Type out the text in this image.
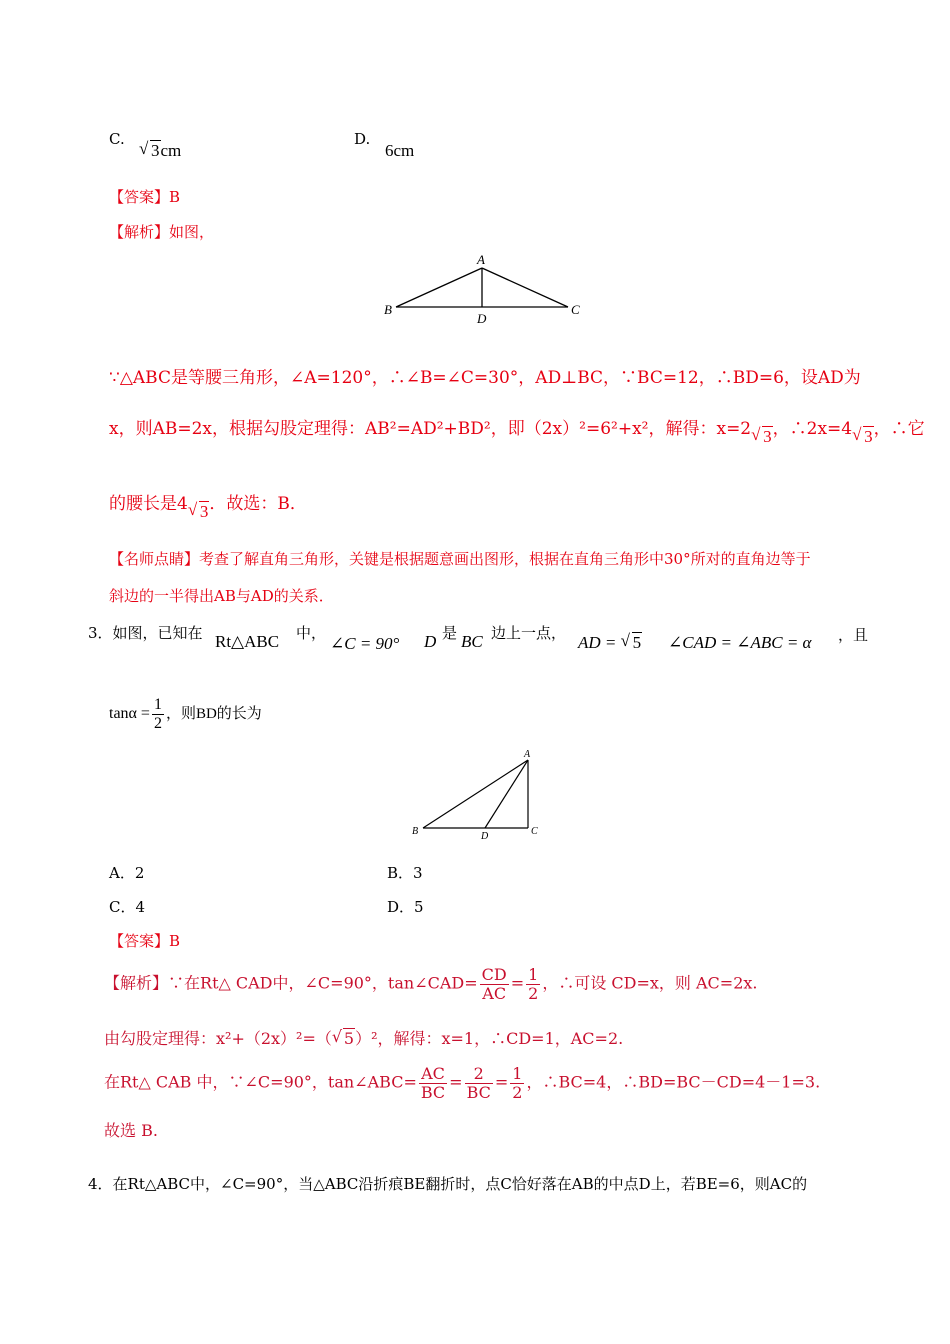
C.
√ 3cm
D.
6cm
【答案】B
【解析】如图，
A
B	C
D
∵△ABC是等腰三角形，∠A=120°，∴∠B=∠C=30°，AD⊥BC，∵BC=12，∴BD=6，设AD为
x，则AB=2x，根据勾股定理得：AB²=AD²+BD²，即（2x）²=6²+x²，解得：x=2 √ 3，∴2x=4 √ 3，∴它
的腰长是4 √ 3．故选：B．
【名师点睛】考查了解直角三角形，关键是根据题意画出图形，根据在直角三角形中30°所对的直角边等于
斜边的一半得出AB与AD的关系．
3．如图，已知在 Rt△ABC 中，
∠C = 90° D 是 BC 边上一点， AD = √ 5 ∠CAD = ∠ABC = α ，且
$\tan\alpha = \frac{1}{2}$ ，则BD的长为
A
B	C
D
A．2	B．3
C．4	D．5
【答案】B
【解析】∵在Rt△ CAD中，∠C=90°，tan∠CAD= $\frac{CD}{AC} = \frac{1}{2}$ ，∴可设 CD=x，则 AC=2x.
由勾股定理得：x²+（2x）²=（ √ 5）²，解得：x=1，∴CD=1，AC=2.
在Rt△ CAB 中，∵∠C=90°，tan∠ABC= $\frac{AC}{BC} = \frac{2}{BC} = \frac{1}{2}$ ，∴BC=4，∴BD=BC－CD=4－1=3.
故选 B.
4．在Rt△ABC中，∠C=90°，当△ABC沿折痕BE翻折时，点C恰好落在AB的中点D上，若BE=6，则AC的
